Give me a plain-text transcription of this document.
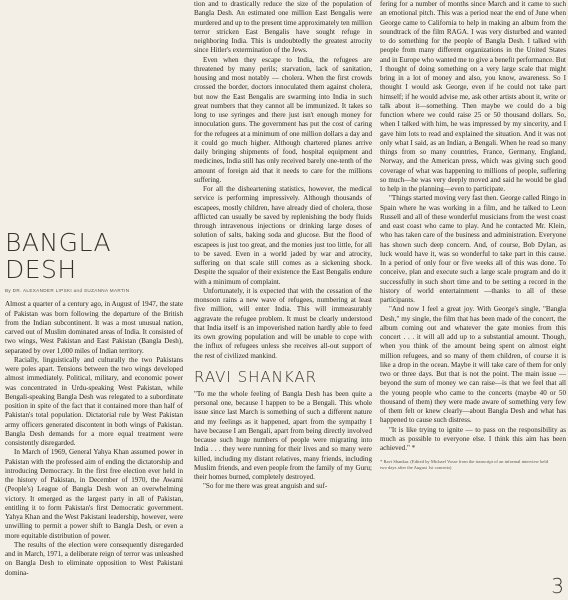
BANGLA DESH
By DR. ALEXANDER LIPSKI and SUZANNA MARTIN

Almost a quarter of a century ago, in August of 1947, the state of Pakistan was born following the departure of the British from the Indian subcontinent. It was a most unusual nation, carved out of Muslim dominated areas of India. It consisted of two wings, West Pakistan and East Pakistan (Bangla Desh), separated by over 1,000 miles of Indian territory.

Racially, linguistically and culturally the two Pakistans were poles apart. Tensions between the two wings developed almost immediately. Political, military, and economic power was concentrated in Urdu-speaking West Pakistan, while Bengali-speaking Bangla Desh was relegated to a subordinate position in spite of the fact that it contained more than half of Pakistan's total population. Dictatorial rule by West Pakistan army officers generated discontent in both wings of Pakistan. Bangla Desh demands for a more equal treatment were consistently disregarded.

In March of 1969, General Yahya Khan assumed power in Pakistan with the professed aim of ending the dictatorship and introducing Democracy. In the first free election ever held in the history of Pakistan, in December of 1970, the Awami (People's) League of Bangla Desh won an overwhelming victory. It emerged as the largest party in all of Pakistan, entitling it to form Pakistan's first Democratic government. Yahya Khan and the West Pakistani leadership, however, were unwilling to permit a power shift to Bangla Desh, or even a more equitable distribution of power.

The results of the election were consequently disregarded and in March, 1971, a deliberate reign of terror was unleashed on Bangla Desh to eliminate opposition to West Pakistani domina-

tion and to drastically reduce the size of the population of Bangla Desh. An estimated one million East Bengalis were murdered and up to the present time approximately ten million terror stricken East Bengalis have sought refuge in neighboring India. This is undoubtedly the greatest atrocity since Hitler's extermination of the Jews.

Even when they escape to India, the refugees are threatened by many perils; starvation, lack of sanitation, housing and most notably — cholera. When the first crowds crossed the border, doctors innoculated them against cholera, but now the East Bengalis are swarming into India in such great numbers that they cannot all be immunized. It takes so long to use syringes and there just isn't enough money for innoculation guns. The government has put the cost of caring for the refugees at a minimum of one million dollars a day and it could go much higher. Although chartered planes arrive daily bringing shipments of food, hospital equipment and medicines, India still has only received barely one-tenth of the amount of foreign aid that it needs to care for the millions suffering.

For all the disheartening statistics, however, the medical service is performing impressively. Although thousands of escapees, mostly children, have already died of cholera, those afflicted can usually be saved by replenishing the body fluids through intravenous injections or drinking large doses of solution of salts, baking soda and glucose. But the flood of escapees is just too great, and the monies just too little, for all to be saved. Even in a world jaded by war and atrocity, suffering on that scale still comes as a sickening shock. Despite the squalor of their existence the East Bengalis endure with a minimum of complaint.

Unfortunately, it is expected that with the cessation of the monsoon rains a new wave of refugees, numbering at least five million, will enter India. This will immeasurably aggravate the refugee problem. It must be clearly understood that India itself is an impoverished nation hardly able to feed its own growing population and will be unable to cope with the influx of refugees unless she receives all-out support of the rest of civilized mankind.

RAVI SHANKAR

"To me the whole feeling of Bangla Desh has been quite a personal one, because I happen to be a Bengali. This whole issue since last March is something of such a different nature and my feelings as it happened, apart from the sympathy I have because I am Bengali, apart from being directly involved because such huge numbers of people were migrating into India . . . they were running for their lives and so many were killed, including my distant relatives, many friends, including Muslim friends, and even people from the family of my Guru; their homes burned, completely destroyed.

"So for me there was great anguish and suf-

fering for a number of months since March and it came to such an emotional pitch. This was a period near the end of June when George came to California to help in making an album from the soundtrack of the film RAGA. I was very disturbed and wanted to do something for the people of Bangla Desh. I talked with people from many different organizations in the United States and in Europe who wanted me to give a benefit performance. But I thought of doing something on a very large scale that might bring in a lot of money and also, you know, awareness. So I thought I would ask George, even if he could not take part himself; if he would advise me, ask other artists about it, write or talk about it—something. Then maybe we could do a big function where we could raise 25 or 50 thousand dollars. So, when I talked with him, he was impressed by my sincerity, and I gave him lots to read and explained the situation. And it was not only what I said, as an Indian, a Bengali. When he read so many things from so many countries, France, Germany, England, Norway, and the American press, which was giving such good coverage of what was happening to millions of people, suffering so much—he was very deeply moved and said he would be glad to help in the planning—even to participate.

"Things started moving very fast then. George called Ringo in Spain where he was working in a film, and he talked to Leon Russell and all of these wonderful musicians from the west coast and east coast who came to play. And he contacted Mr. Klein, who has taken care of the business and administration. Everyone has shown such deep concern. And, of course, Bob Dylan, as luck would have it, was so wonderful to take part in this cause. In a period of only four or five weeks all of this was done. To conceive, plan and execute such a large scale program and do it successfully in such short time and to be setting a record in the history of world entertainment —thanks to all of these participants.

"And now I feel a great joy. With George's single, "Bangla Desh," my single, the film that has been made of the concert, the album coming out and whatever the gate monies from this concert . . . it will all add up to a substantial amount. Though, when you think of the amount being spent on almost eight million refugees, and so many of them children, of course it is like a drop in the ocean. Maybe it will take care of them for only two or three days. But that is not the point. The main issue — beyond the sum of money we can raise—is that we feel that all the young people who came to the concerts (maybe 40 or 50 thousand of them) they were made aware of something very few of them felt or knew clearly—about Bangla Desh and what has happened to cause such distress.

"It is like trying to ignite — to pass on the responsibility as much as possible to everyone else. I think this aim has been achieved." *

* Ravi Shankar. (Edited by Michael Vosse from the transcript of an informal interview held two days after the August 1st concerts)
3
